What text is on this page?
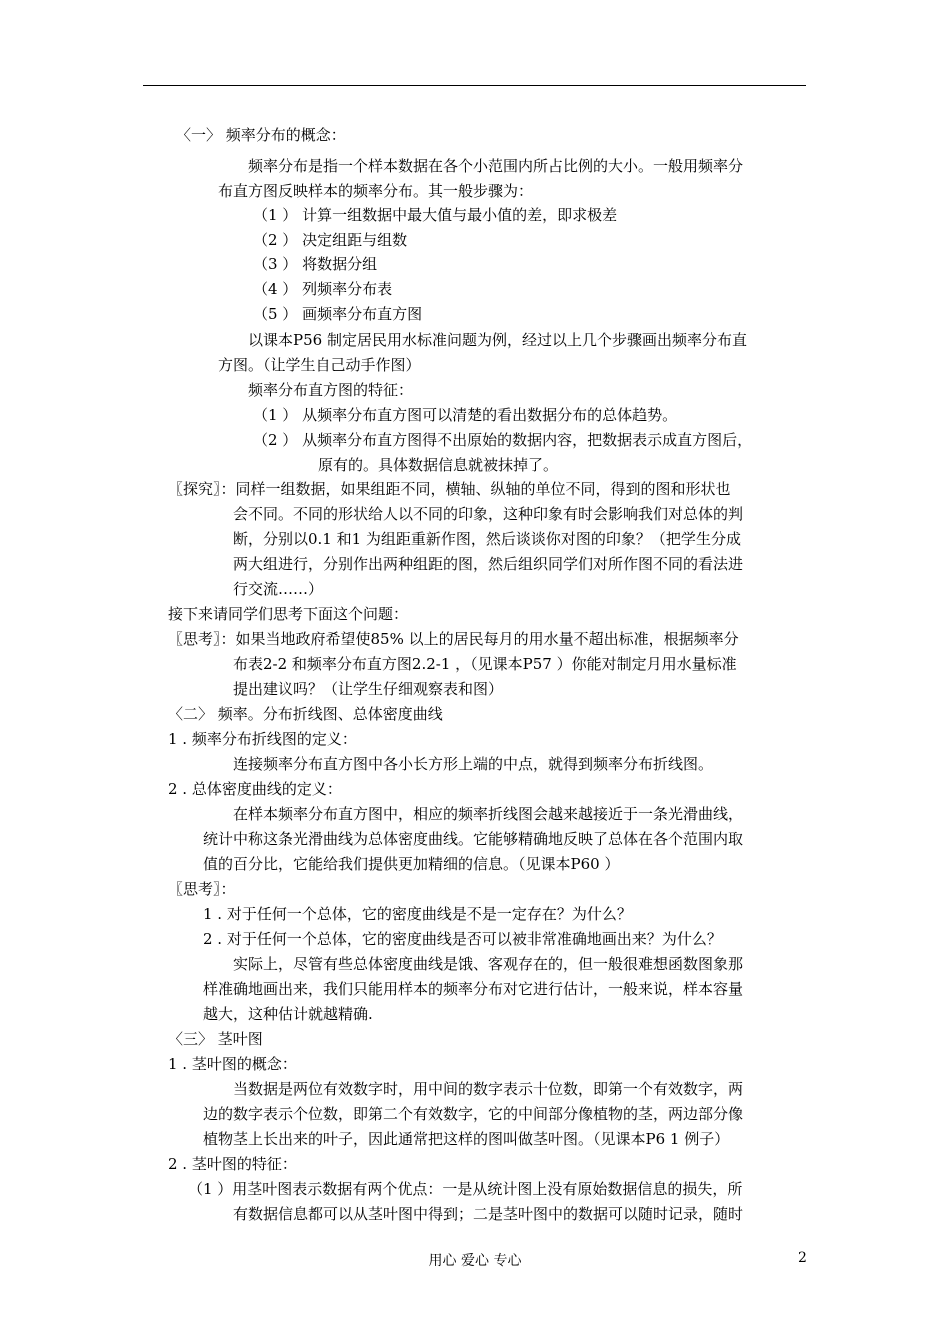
〈一〉 频率分布的概念：
频率分布是指一个样本数据在各个小范围内所占比例的大小。一般用频率分
布直方图反映样本的频率分布。其一般步骤为：
（1 ） 计算一组数据中最大值与最小值的差，即求极差
（2 ） 决定组距与组数
（3 ） 将数据分组
（4 ） 列频率分布表
（5 ） 画频率分布直方图
以课本P56 制定居民用水标准问题为例，经过以上几个步骤画出频率分布直
方图。（让学生自己动手作图）
频率分布直方图的特征：
（1 ） 从频率分布直方图可以清楚的看出数据分布的总体趋势。
（2 ） 从频率分布直方图得不出原始的数据内容，把数据表示成直方图后，
原有的。具体数据信息就被抹掉了。
〖探究〗：同样一组数据，如果组距不同，横轴、纵轴的单位不同，得到的图和形状也
会不同。不同的形状给人以不同的印象，这种印象有时会影响我们对总体的判
断，分别以0.1 和1 为组距重新作图，然后谈谈你对图的印象？（把学生分成
两大组进行，分别作出两种组距的图，然后组织同学们对所作图不同的看法进
行交流……）
接下来请同学们思考下面这个问题：
〖思考〗：如果当地政府希望使85% 以上的居民每月的用水量不超出标准，根据频率分
布表2-2 和频率分布直方图2.2-1 ，（见课本P57 ）你能对制定月用水量标准
提出建议吗？（让学生仔细观察表和图）
〈二〉 频率。分布折线图、总体密度曲线
1 . 频率分布折线图的定义：
连接频率分布直方图中各小长方形上端的中点，就得到频率分布折线图。
2 . 总体密度曲线的定义：
在样本频率分布直方图中，相应的频率折线图会越来越接近于一条光滑曲线，
统计中称这条光滑曲线为总体密度曲线。它能够精确地反映了总体在各个范围内取
值的百分比，它能给我们提供更加精细的信息。（见课本P60 ）
〖思考〗：
1 . 对于任何一个总体，它的密度曲线是不是一定存在？为什么？
2 . 对于任何一个总体，它的密度曲线是否可以被非常准确地画出来？为什么？
实际上，尽管有些总体密度曲线是饿、客观存在的，但一般很难想函数图象那
样准确地画出来，我们只能用样本的频率分布对它进行估计，一般来说，样本容量
越大，这种估计就越精确.
〈三〉 茎叶图
1 . 茎叶图的概念：
当数据是两位有效数字时，用中间的数字表示十位数，即第一个有效数字，两
边的数字表示个位数，即第二个有效数字，它的中间部分像植物的茎，两边部分像
植物茎上长出来的叶子，因此通常把这样的图叫做茎叶图。（见课本P6 1 例子）
2 . 茎叶图的特征：
（1 ）用茎叶图表示数据有两个优点：一是从统计图上没有原始数据信息的损失，所
有数据信息都可以从茎叶图中得到；二是茎叶图中的数据可以随时记录，随时
用心 爱心 专心	2
